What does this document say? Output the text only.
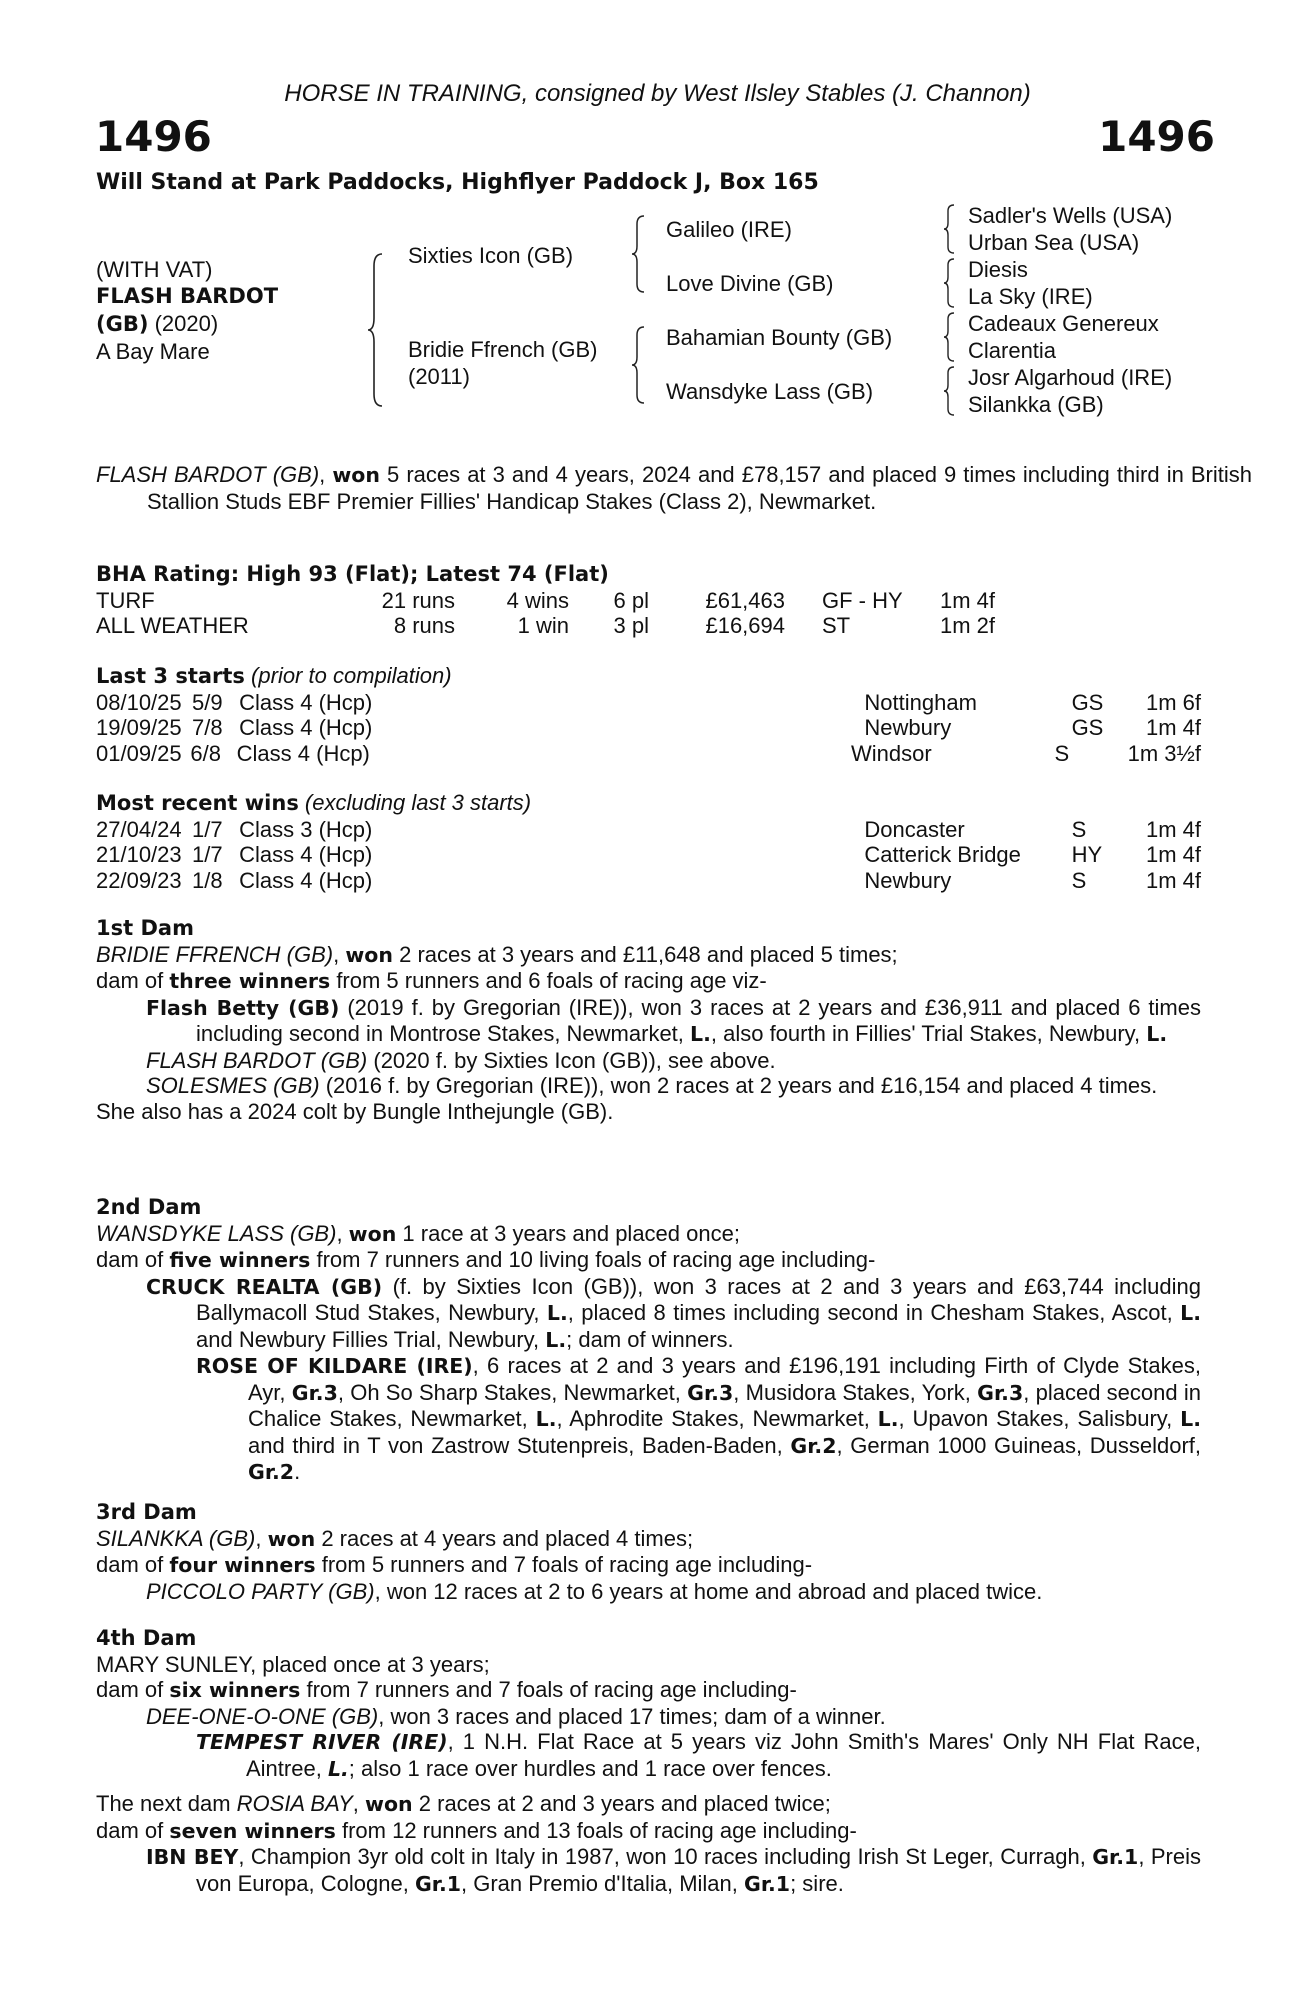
HORSE IN TRAINING, consigned by West Ilsley Stables (J. Channon)
1496	1496
Will Stand at Park Paddocks, Highflyer Paddock J, Box 165
(WITH VAT)
FLASH BARDOT
(GB) (2020)
A Bay Mare
Sixties Icon (GB)
Bridie Ffrench (GB)
(2011)
Galileo (IRE)
Love Divine (GB)
Bahamian Bounty (GB)
Wansdyke Lass (GB)
Sadler's Wells (USA)
Urban Sea (USA)
Diesis
La Sky (IRE)
Cadeaux Genereux
Clarentia
Josr Algarhoud (IRE)
Silankka (GB)
FLASH BARDOT (GB), won 5 races at 3 and 4 years, 2024 and £78,157 and placed 9 times including third in British Stallion Studs EBF Premier Fillies' Handicap Stakes (Class 2), Newmarket.
BHA Rating: High 93 (Flat); Latest 74 (Flat)
TURF	21 runs	4 wins	6 pl	£61,463	GF - HY	1m 4f
ALL WEATHER	8 runs	1 win	3 pl	£16,694	ST	1m 2f
Last 3 starts (prior to compilation)
08/10/25 5/9 Class 4 (Hcp)	Nottingham	GS	1m 6f
19/09/25 7/8 Class 4 (Hcp)	Newbury	GS	1m 4f
01/09/25 6/8 Class 4 (Hcp)	Windsor	S	1m 3½f
Most recent wins (excluding last 3 starts)
27/04/24 1/7 Class 3 (Hcp)	Doncaster	S	1m 4f
21/10/23 1/7 Class 4 (Hcp)	Catterick Bridge	HY	1m 4f
22/09/23 1/8 Class 4 (Hcp)	Newbury	S	1m 4f
1st Dam
BRIDIE FFRENCH (GB), won 2 races at 3 years and £11,648 and placed 5 times;
dam of three winners from 5 runners and 6 foals of racing age viz-
Flash Betty (GB) (2019 f. by Gregorian (IRE)), won 3 races at 2 years and £36,911 and placed 6 times including second in Montrose Stakes, Newmarket, L., also fourth in Fillies' Trial Stakes, Newbury, L.
FLASH BARDOT (GB) (2020 f. by Sixties Icon (GB)), see above.
SOLESMES (GB) (2016 f. by Gregorian (IRE)), won 2 races at 2 years and £16,154 and placed 4 times.
She also has a 2024 colt by Bungle Inthejungle (GB).
2nd Dam
WANSDYKE LASS (GB), won 1 race at 3 years and placed once;
dam of five winners from 7 runners and 10 living foals of racing age including-
CRUCK REALTA (GB) (f. by Sixties Icon (GB)), won 3 races at 2 and 3 years and £63,744 including Ballymacoll Stud Stakes, Newbury, L., placed 8 times including second in Chesham Stakes, Ascot, L. and Newbury Fillies Trial, Newbury, L.; dam of winners.
ROSE OF KILDARE (IRE), 6 races at 2 and 3 years and £196,191 including Firth of Clyde Stakes, Ayr, Gr.3, Oh So Sharp Stakes, Newmarket, Gr.3, Musidora Stakes, York, Gr.3, placed second in Chalice Stakes, Newmarket, L., Aphrodite Stakes, Newmarket, L., Upavon Stakes, Salisbury, L. and third in T von Zastrow Stutenpreis, Baden-Baden, Gr.2, German 1000 Guineas, Dusseldorf, Gr.2.
3rd Dam
SILANKKA (GB), won 2 races at 4 years and placed 4 times;
dam of four winners from 5 runners and 7 foals of racing age including-
PICCOLO PARTY (GB), won 12 races at 2 to 6 years at home and abroad and placed twice.
4th Dam
MARY SUNLEY, placed once at 3 years;
dam of six winners from 7 runners and 7 foals of racing age including-
DEE-ONE-O-ONE (GB), won 3 races and placed 17 times; dam of a winner.
TEMPEST RIVER (IRE), 1 N.H. Flat Race at 5 years viz John Smith's Mares' Only NH Flat Race, Aintree, L.; also 1 race over hurdles and 1 race over fences.
The next dam ROSIA BAY, won 2 races at 2 and 3 years and placed twice;
dam of seven winners from 12 runners and 13 foals of racing age including-
IBN BEY, Champion 3yr old colt in Italy in 1987, won 10 races including Irish St Leger, Curragh, Gr.1, Preis von Europa, Cologne, Gr.1, Gran Premio d'Italia, Milan, Gr.1; sire.
